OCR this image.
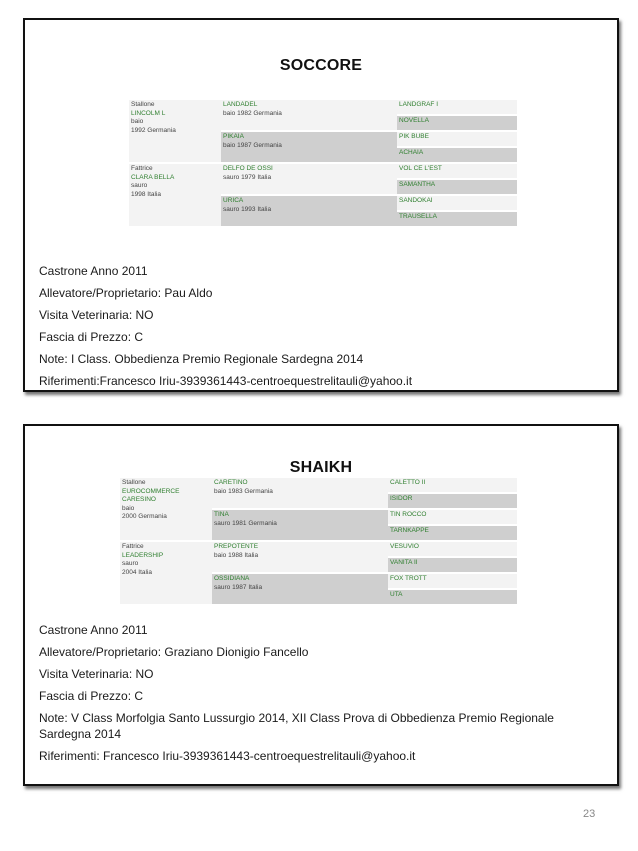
SOCCORE
Stallone
LINCOLM L
baio
1992 Germania
Fattrice
CLARA BELLA
sauro
1998 Italia
LANDADEL
baio 1982 Germania
PIKAIA
baio 1987 Germania
DELFO DE OSSI
sauro 1979 Italia
URICA
sauro 1993 Italia
LANDGRAF I
NOVELLA
PIK BUBE
ACHAIA
VOL CE L'EST
SAMANTHA
SANDOKAI
TRAUSELLA
Castrone Anno 2011
Allevatore/Proprietario: Pau Aldo
Visita Veterinaria: NO
Fascia di Prezzo: C
Note: I Class. Obbedienza Premio Regionale Sardegna 2014
Riferimenti:Francesco Iriu-3939361443-centroequestrelitauli@yahoo.it
SHAIKH
Stallone
EUROCOMMERCE
CARESINO
baio
2000 Germania
Fattrice
LEADERSHIP
sauro
2004 Italia
CARETINO
baio 1983 Germania
TINA
sauro 1981 Germania
PREPOTENTE
baio 1988 Italia
OSSIDIANA
sauro 1987 Italia
CALETTO II
ISIDOR
TIN ROCCO
TARNKAPPE
VESUVIO
VANITA II
FOX TROTT
UTA
Castrone Anno 2011
Allevatore/Proprietario: Graziano Dionigio Fancello
Visita Veterinaria: NO
Fascia di Prezzo: C
Note: V Class Morfolgia Santo Lussurgio 2014, XII Class Prova di Obbedienza Premio Regionale Sardegna 2014
Riferimenti: Francesco Iriu-3939361443-centroequestrelitauli@yahoo.it
23
